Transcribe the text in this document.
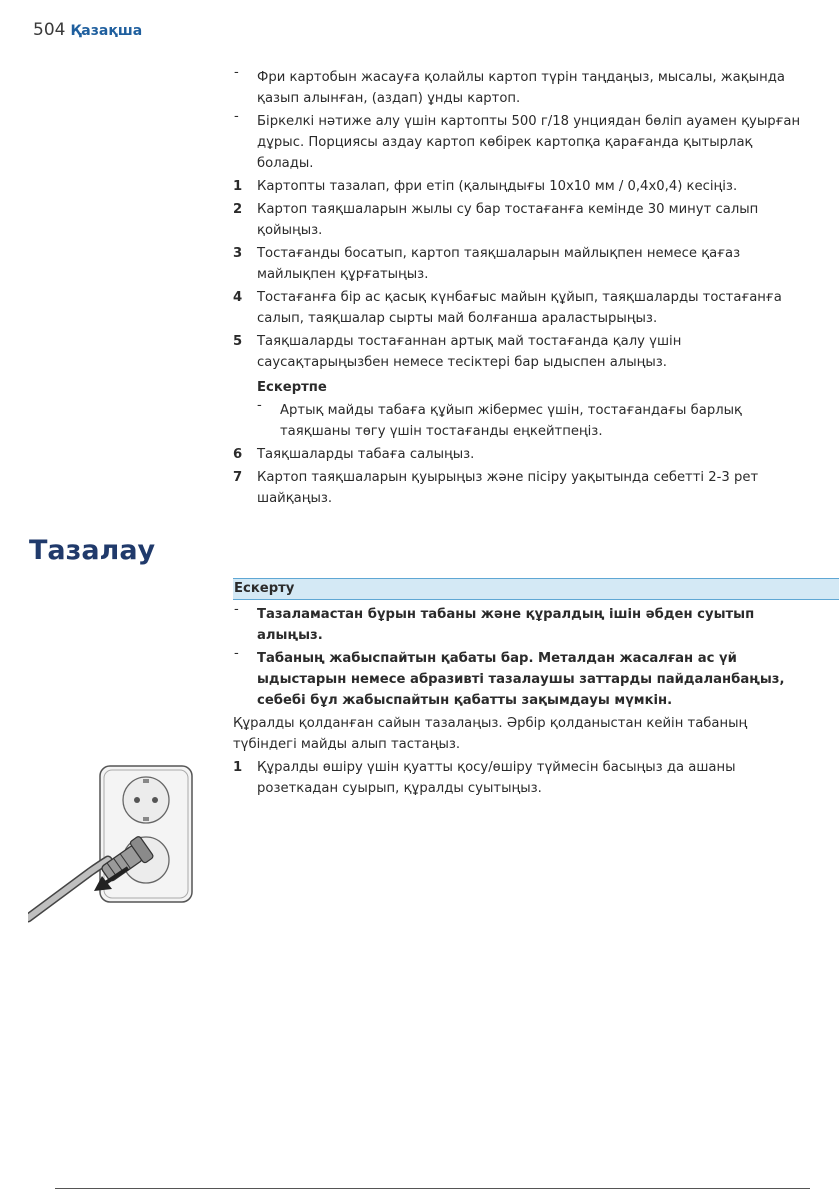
504 Қазақша
-	Фри картобын жасауға қолайлы картоп түрін таңдаңыз, мысалы, жақында қазып алынған, (аздап) ұнды картоп.
-	Біркелкі нәтиже алу үшін картопты 500 г/18 унциядан бөліп ауамен қуырған дұрыс. Порциясы аздау картоп көбірек картопқа қарағанда қытырлақ болады.
1	Картопты тазалап, фри етіп (қалыңдығы 10x10 мм / 0,4x0,4) кесіңіз.
2	Картоп таяқшаларын жылы су бар тостағанға кемінде 30 минут салып қойыңыз.
3	Тостағанды босатып, картоп таяқшаларын майлықпен немесе қағаз майлықпен құрғатыңыз.
4	Тостағанға бір ас қасық күнбағыс майын құйып, таяқшаларды тостағанға салып, таяқшалар сырты май болғанша араластырыңыз.
5	Таяқшаларды тостағаннан артық май тостағанда қалу үшін саусақтарыңызбен немесе тесіктері бар ыдыспен алыңыз.
Ескертпе
-	Артық майды табаға құйып жібермес үшін, тостағандағы барлық таяқшаны төгу үшін тостағанды еңкейтпеңіз.
6	Таяқшаларды табаға салыңыз.
7	Картоп таяқшаларын қуырыңыз және пісіру уақытында себетті 2-3 рет шайқаңыз.
Тазалау
Ескерту
-	Тазаламастан бұрын табаны және құралдың ішін әбден суытып алыңыз.
-	Табаның жабыспайтын қабаты бар. Металдан жасалған ас үй ыдыстарын немесе абразивті тазалаушы заттарды пайдаланбаңыз, себебі бұл жабыспайтын қабатты зақымдауы мүмкін.
Құралды қолданған сайын тазалаңыз. Әрбір қолданыстан кейін табаның түбіндегі майды алып тастаңыз.
1	Құралды өшіру үшін қуатты қосу/өшіру түймесін басыңыз да ашаны розеткадан суырып, құралды суытыңыз.
